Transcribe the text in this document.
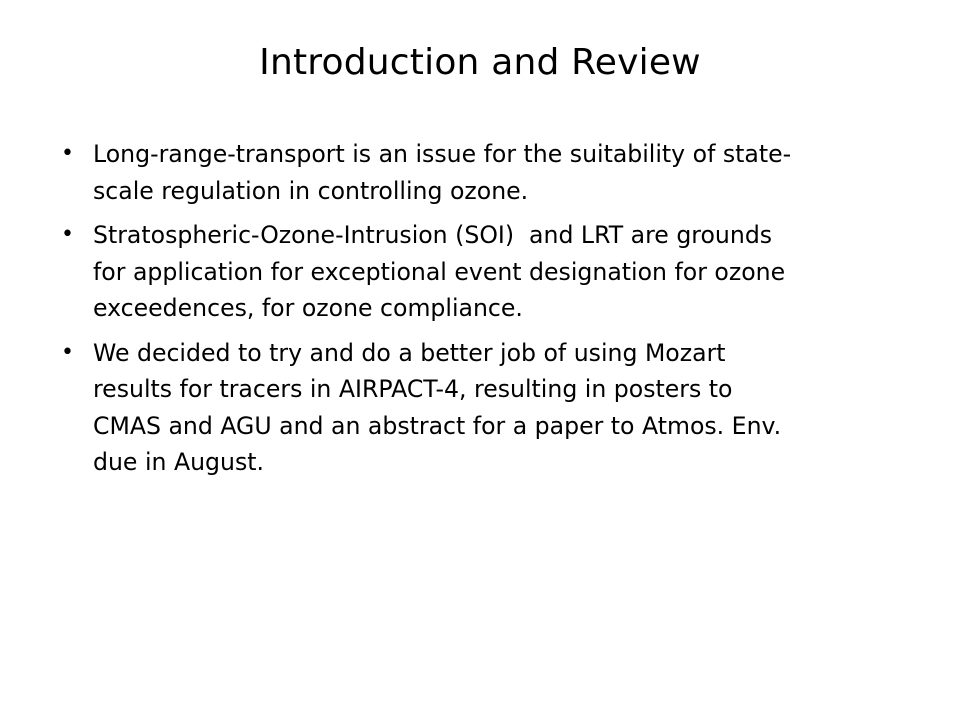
Introduction and Review
• Long-range-transport is an issue for the suitability of state-
scale regulation in controlling ozone.
• Stratospheric-Ozone-Intrusion (SOI)  and LRT are grounds
for application for exceptional event designation for ozone
exceedences, for ozone compliance.
• We decided to try and do a better job of using Mozart
results for tracers in AIRPACT-4, resulting in posters to
CMAS and AGU and an abstract for a paper to Atmos. Env.
due in August.
